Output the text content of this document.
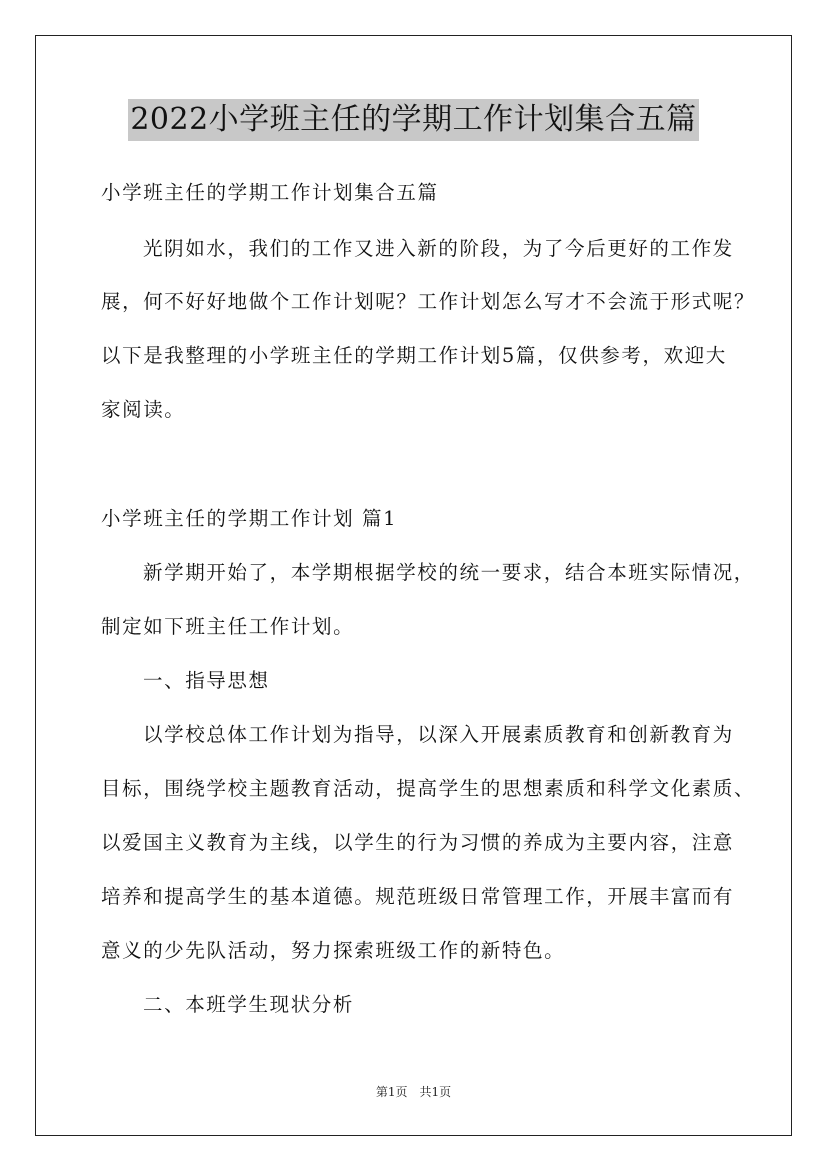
2022小学班主任的学期工作计划集合五篇
小学班主任的学期工作计划集合五篇
光阴如水，我们的工作又进入新的阶段，为了今后更好的工作发
展，何不好好地做个工作计划呢？工作计划怎么写才不会流于形式呢？
以下是我整理的小学班主任的学期工作计划5篇，仅供参考，欢迎大
家阅读。
小学班主任的学期工作计划 篇1
新学期开始了，本学期根据学校的统一要求，结合本班实际情况，
制定如下班主任工作计划。
一、指导思想
以学校总体工作计划为指导，以深入开展素质教育和创新教育为
目标，围绕学校主题教育活动，提高学生的思想素质和科学文化素质、
以爱国主义教育为主线，以学生的行为习惯的养成为主要内容，注意
培养和提高学生的基本道德。规范班级日常管理工作，开展丰富而有
意义的少先队活动，努力探索班级工作的新特色。
二、本班学生现状分析
第1页　共1页
